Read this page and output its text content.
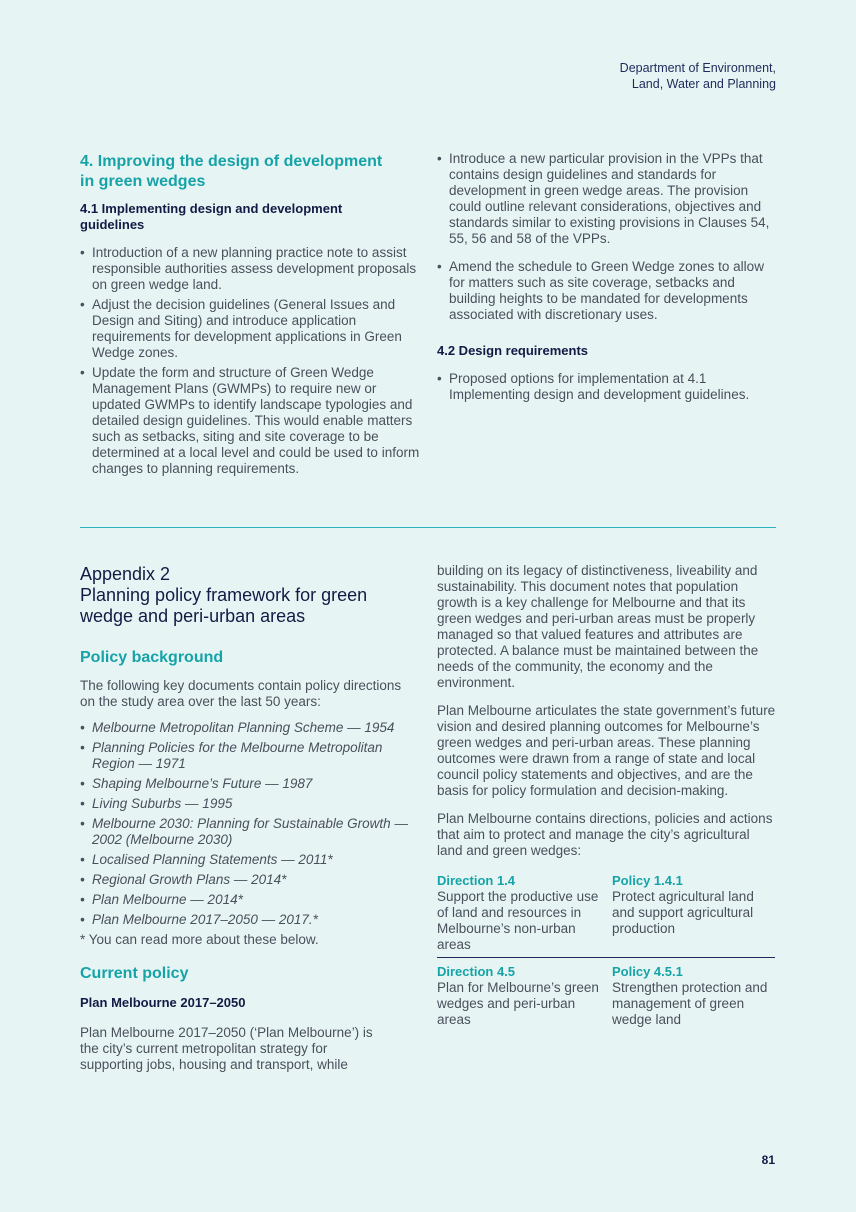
Department of Environment,
Land, Water and Planning
4. Improving the design of development
in green wedges
4.1 Implementing design and development
guidelines
• Introduction of a new planning practice note to assist responsible authorities assess development proposals on green wedge land.
• Adjust the decision guidelines (General Issues and Design and Siting) and introduce application requirements for development applications in Green Wedge zones.
• Update the form and structure of Green Wedge Management Plans (GWMPs) to require new or updated GWMPs to identify landscape typologies and detailed design guidelines. This would enable matters such as setbacks, siting and site coverage to be determined at a local level and could be used to inform changes to planning requirements.
• Introduce a new particular provision in the VPPs that contains design guidelines and standards for development in green wedge areas. The provision could outline relevant considerations, objectives and standards similar to existing provisions in Clauses 54, 55, 56 and 58 of the VPPs.
• Amend the schedule to Green Wedge zones to allow for matters such as site coverage, setbacks and building heights to be mandated for developments associated with discretionary uses.
4.2 Design requirements
• Proposed options for implementation at 4.1 Implementing design and development guidelines.
Appendix 2
Planning policy framework for green
wedge and peri-urban areas
Policy background
The following key documents contain policy directions on the study area over the last 50 years:
• Melbourne Metropolitan Planning Scheme — 1954
• Planning Policies for the Melbourne Metropolitan Region — 1971
• Shaping Melbourne’s Future — 1987
• Living Suburbs — 1995
• Melbourne 2030: Planning for Sustainable Growth — 2002 (Melbourne 2030)
• Localised Planning Statements — 2011*
• Regional Growth Plans — 2014*
• Plan Melbourne — 2014*
• Plan Melbourne 2017–2050 — 2017.*
* You can read more about these below.
Current policy
Plan Melbourne 2017–2050
Plan Melbourne 2017–2050 (‘Plan Melbourne’) is the city’s current metropolitan strategy for supporting jobs, housing and transport, while
building on its legacy of distinctiveness, liveability and sustainability. This document notes that population growth is a key challenge for Melbourne and that its green wedges and peri-urban areas must be properly managed so that valued features and attributes are protected. A balance must be maintained between the needs of the community, the economy and the environment.
Plan Melbourne articulates the state government’s future vision and desired planning outcomes for Melbourne’s green wedges and peri-urban areas. These planning outcomes were drawn from a range of state and local council policy statements and objectives, and are the basis for policy formulation and decision-making.
Plan Melbourne contains directions, policies and actions that aim to protect and manage the city’s agricultural land and green wedges:
Direction 1.4
Support the productive use of land and resources in Melbourne’s non-urban areas
Policy 1.4.1
Protect agricultural land and support agricultural production
Direction 4.5
Plan for Melbourne’s green wedges and peri-urban areas
Policy 4.5.1
Strengthen protection and management of green wedge land
81
